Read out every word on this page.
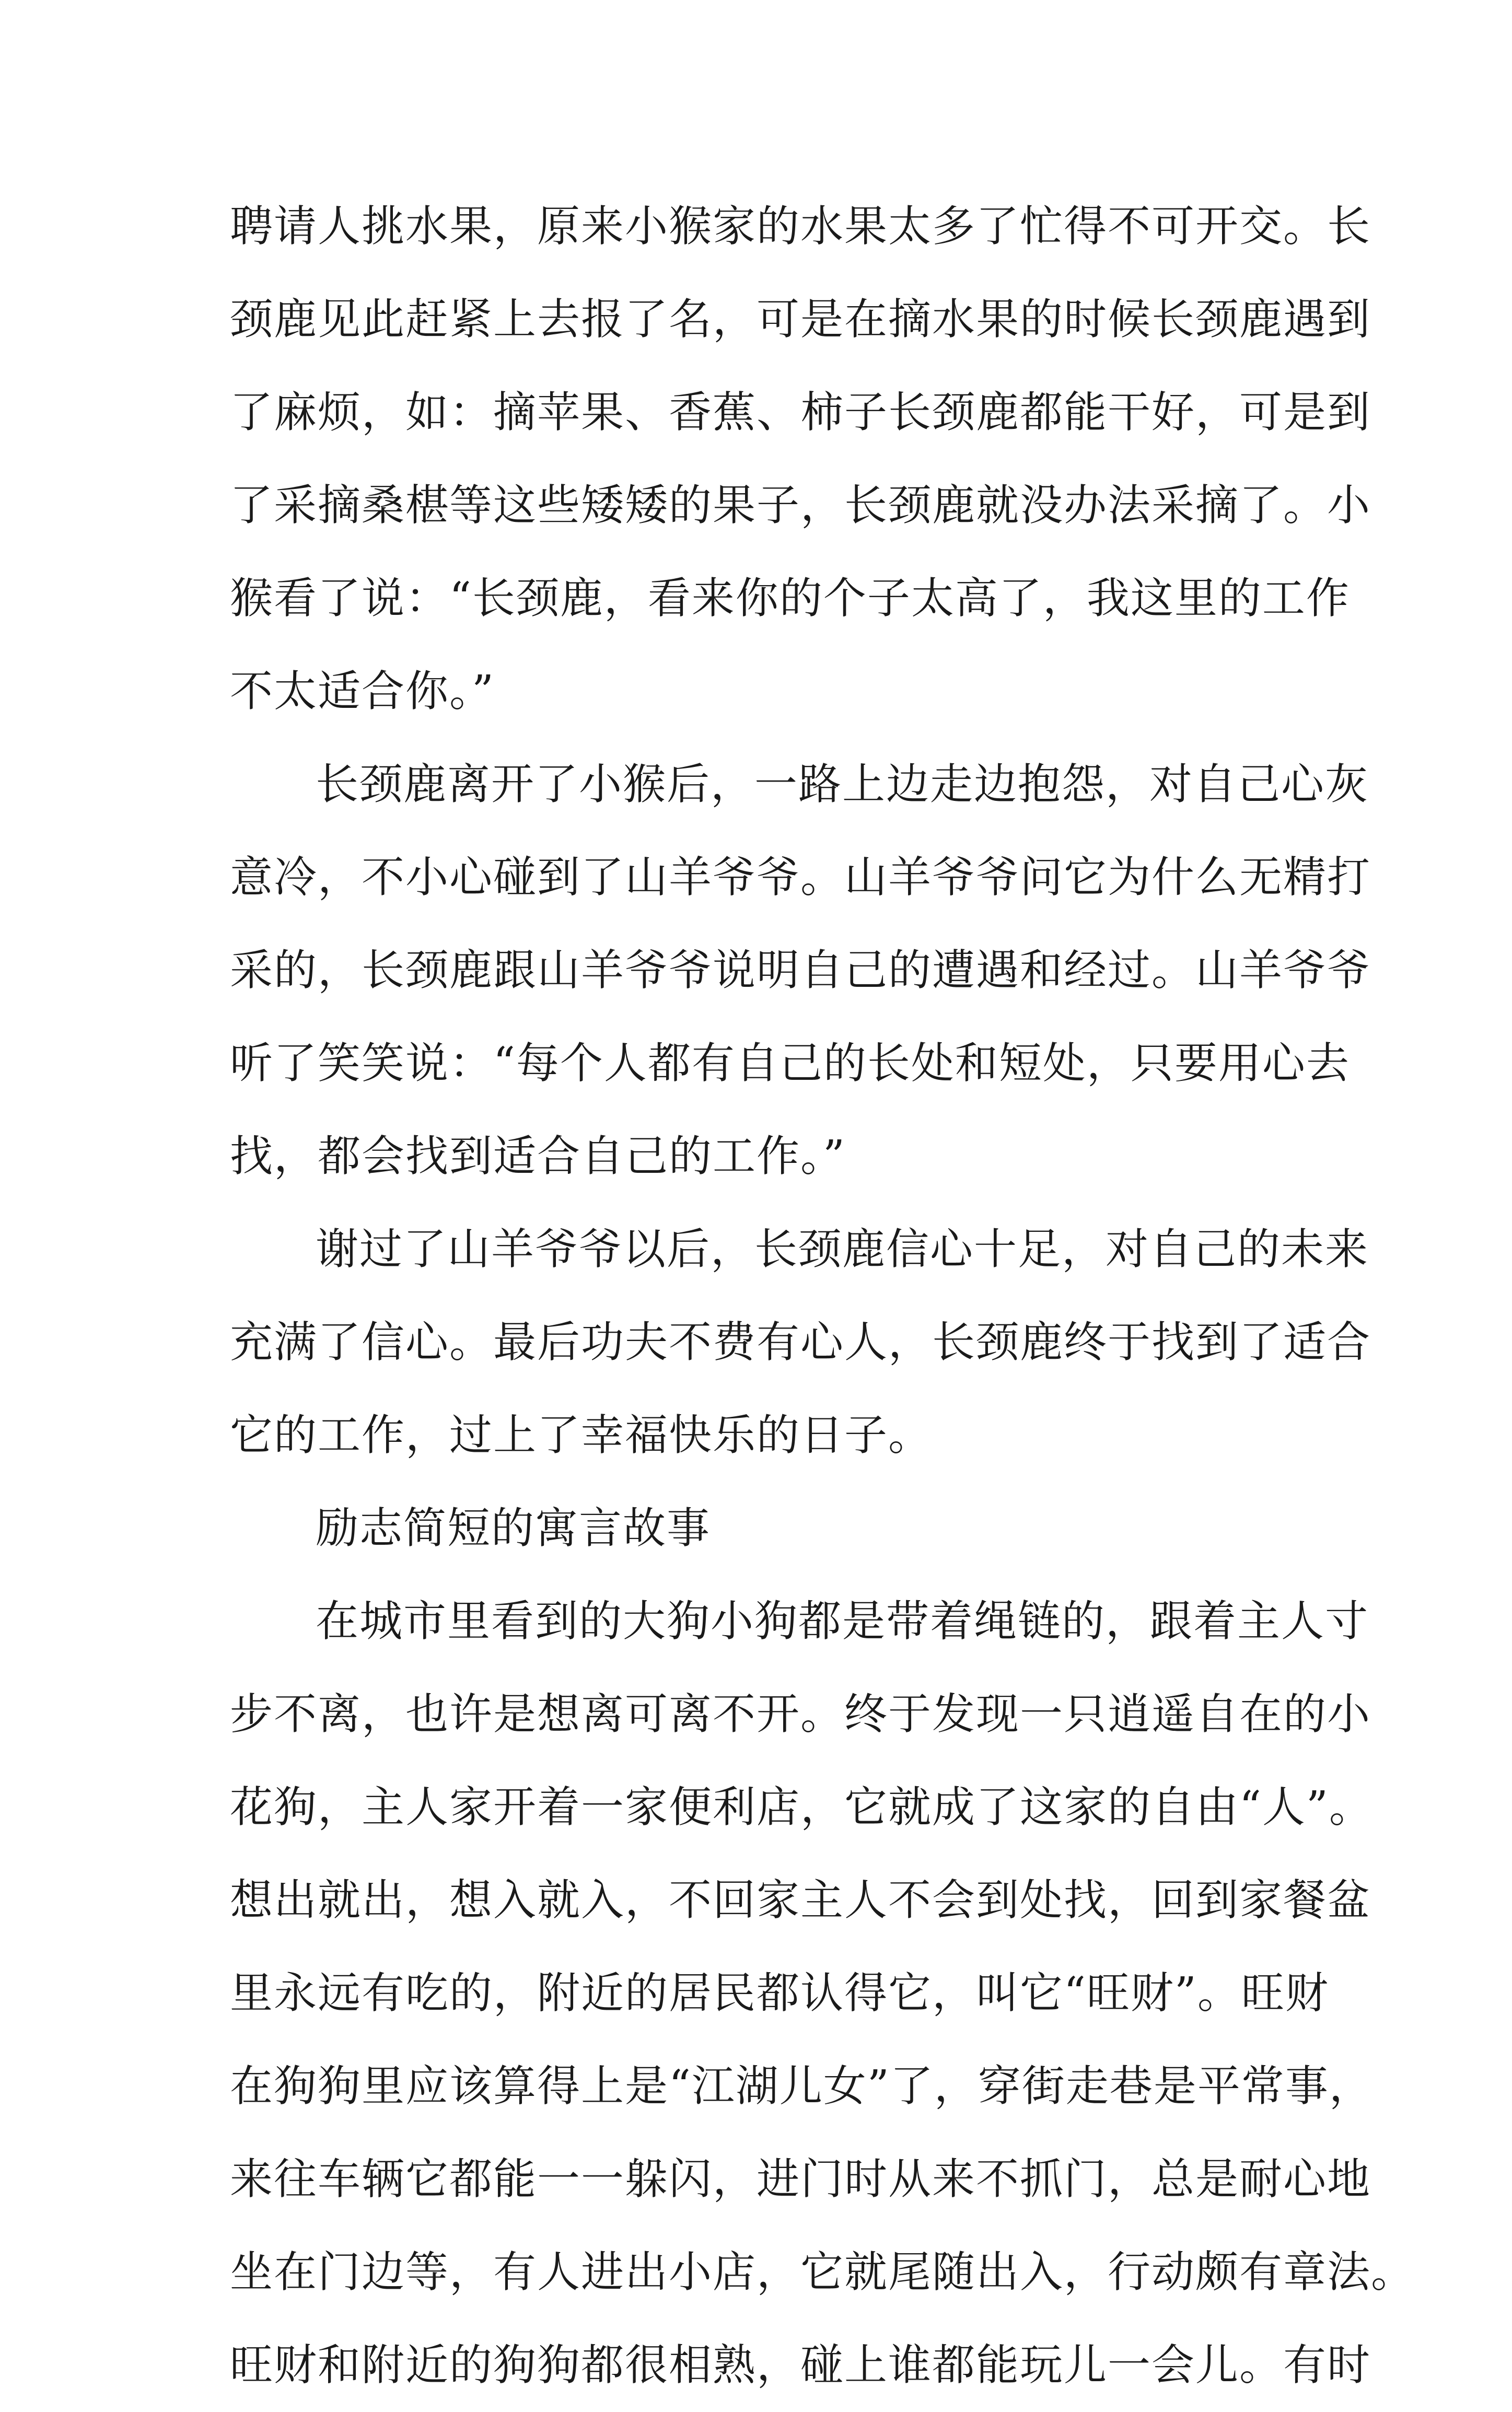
聘请人挑水果，原来小猴家的水果太多了忙得不可开交。长
颈鹿见此赶紧上去报了名，可是在摘水果的时候长颈鹿遇到
了麻烦，如：摘苹果、香蕉、柿子长颈鹿都能干好，可是到
了采摘桑椹等这些矮矮的果子，长颈鹿就没办法采摘了。小
猴看了说：“长颈鹿，看来你的个子太高了，我这里的工作
不太适合你。”
长颈鹿离开了小猴后，一路上边走边抱怨，对自己心灰
意冷，不小心碰到了山羊爷爷。山羊爷爷问它为什么无精打
采的，长颈鹿跟山羊爷爷说明自己的遭遇和经过。山羊爷爷
听了笑笑说：“每个人都有自己的长处和短处，只要用心去
找，都会找到适合自己的工作。”
谢过了山羊爷爷以后，长颈鹿信心十足，对自己的未来
充满了信心。最后功夫不费有心人，长颈鹿终于找到了适合
它的工作，过上了幸福快乐的日子。
励志简短的寓言故事
在城市里看到的大狗小狗都是带着绳链的，跟着主人寸
步不离，也许是想离可离不开。终于发现一只逍遥自在的小
花狗，主人家开着一家便利店，它就成了这家的自由“人”。
想出就出，想入就入，不回家主人不会到处找，回到家餐盆
里永远有吃的，附近的居民都认得它，叫它“旺财”。旺财
在狗狗里应该算得上是“江湖儿女”了，穿街走巷是平常事，
来往车辆它都能一一躲闪，进门时从来不抓门，总是耐心地
坐在门边等，有人进出小店，它就尾随出入，行动颇有章法。
旺财和附近的狗狗都很相熟，碰上谁都能玩儿一会儿。有时
